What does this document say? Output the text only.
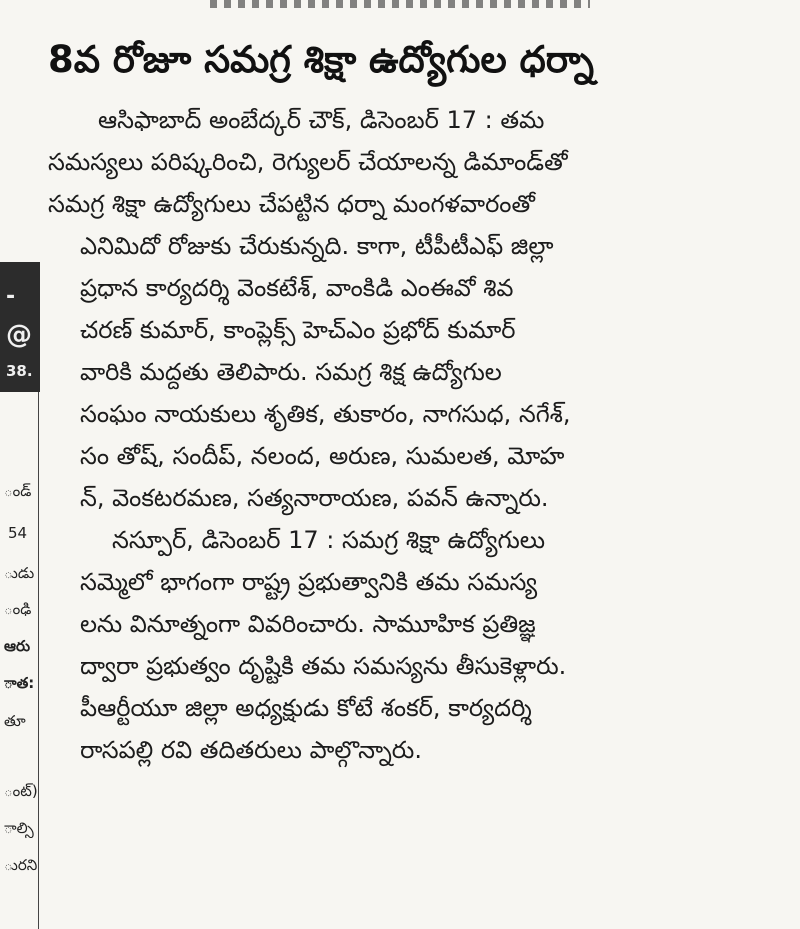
8వ రోజూ సమగ్ర శిక్షా ఉద్యోగుల ధర్నా
-
@
38.
ండ్
54
ుడు
ంఢి
ఆరు
ాత:
తూ
ంట్)
ాల్సి
ురని
ఆసిఫాబాద్ అంబేద్కర్ చౌక్, డిసెంబర్ 17 : తమ
సమస్యలు పరిష్కరించి, రెగ్యులర్ చేయాలన్న డిమాండ్‌తో
సమగ్ర శిక్షా ఉద్యోగులు చేపట్టిన ధర్నా మంగళవారంతో
ఎనిమిదో రోజుకు చేరుకున్నది. కాగా, టీపీటీఎఫ్ జిల్లా
ప్రధాన కార్యదర్శి వెంకటేశ్, వాంకిడి ఎంఈవో శివ
చరణ్ కుమార్, కాంప్లెక్స్ హెచ్‌ఎం ప్రభోద్ కుమార్
వారికి మద్దతు తెలిపారు. సమగ్ర శిక్ష ఉద్యోగుల
సంఘం నాయకులు శృతిక, తుకారం, నాగసుధ, నగేశ్,
సం తోష్, సందీప్, నలంద, అరుణ, సుమలత, మోహ
న్, వెంకటరమణ, సత్యనారాయణ, పవన్ ఉన్నారు.
నస్పూర్, డిసెంబర్ 17 : సమగ్ర శిక్షా ఉద్యోగులు
సమ్మెలో భాగంగా రాష్ట్ర ప్రభుత్వానికి తమ సమస్య
లను వినూత్నంగా వివరించారు. సామూహిక ప్రతిజ్ఞ
ద్వారా ప్రభుత్వం దృష్టికి తమ సమస్యను తీసుకెళ్లారు.
పీఆర్టీయూ జిల్లా అధ్యక్షుడు కోటే శంకర్, కార్యదర్శి
రాసపల్లి రవి తదితరులు పాల్గొన్నారు.
